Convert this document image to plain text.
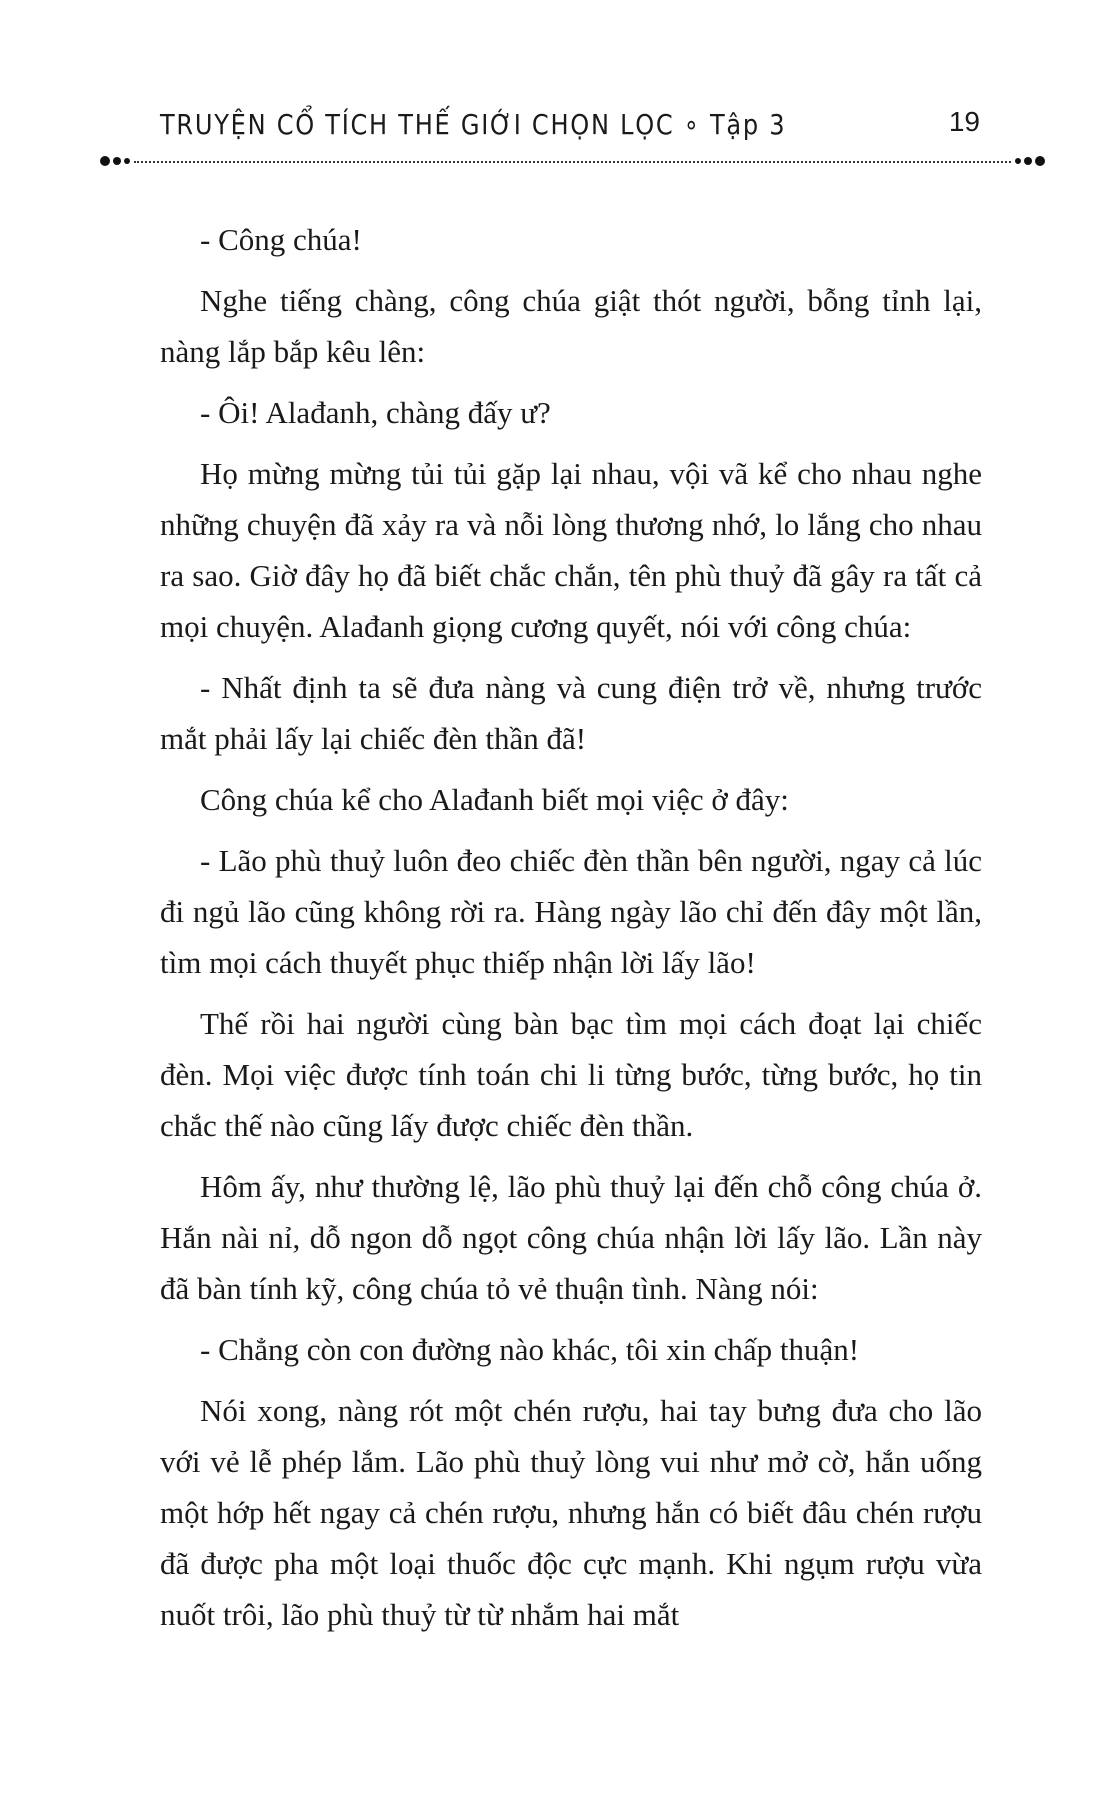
TRUYỆN CỔ TÍCH THẾ GIỚI CHỌN LỌC ∘ Tập 3	19

- Công chúa!

Nghe tiếng chàng, công chúa giật thót người, bỗng tỉnh lại, nàng lắp bắp kêu lên:

- Ôi! Alađanh, chàng đấy ư?

Họ mừng mừng tủi tủi gặp lại nhau, vội vã kể cho nhau nghe những chuyện đã xảy ra và nỗi lòng thương nhớ, lo lắng cho nhau ra sao. Giờ đây họ đã biết chắc chắn, tên phù thuỷ đã gây ra tất cả mọi chuyện. Alađanh giọng cương quyết, nói với công chúa:

- Nhất định ta sẽ đưa nàng và cung điện trở về, nhưng trước mắt phải lấy lại chiếc đèn thần đã!

Công chúa kể cho Alađanh biết mọi việc ở đây:

- Lão phù thuỷ luôn đeo chiếc đèn thần bên người, ngay cả lúc đi ngủ lão cũng không rời ra. Hàng ngày lão chỉ đến đây một lần, tìm mọi cách thuyết phục thiếp nhận lời lấy lão!

Thế rồi hai người cùng bàn bạc tìm mọi cách đoạt lại chiếc đèn. Mọi việc được tính toán chi li từng bước, từng bước, họ tin chắc thế nào cũng lấy được chiếc đèn thần.

Hôm ấy, như thường lệ, lão phù thuỷ lại đến chỗ công chúa ở. Hắn nài nỉ, dỗ ngon dỗ ngọt công chúa nhận lời lấy lão. Lần này đã bàn tính kỹ, công chúa tỏ vẻ thuận tình. Nàng nói:

- Chẳng còn con đường nào khác, tôi xin chấp thuận!

Nói xong, nàng rót một chén rượu, hai tay bưng đưa cho lão với vẻ lễ phép lắm. Lão phù thuỷ lòng vui như mở cờ, hắn uống một hớp hết ngay cả chén rượu, nhưng hắn có biết đâu chén rượu đã được pha một loại thuốc độc cực mạnh. Khi ngụm rượu vừa nuốt trôi, lão phù thuỷ từ từ nhắm hai mắt
